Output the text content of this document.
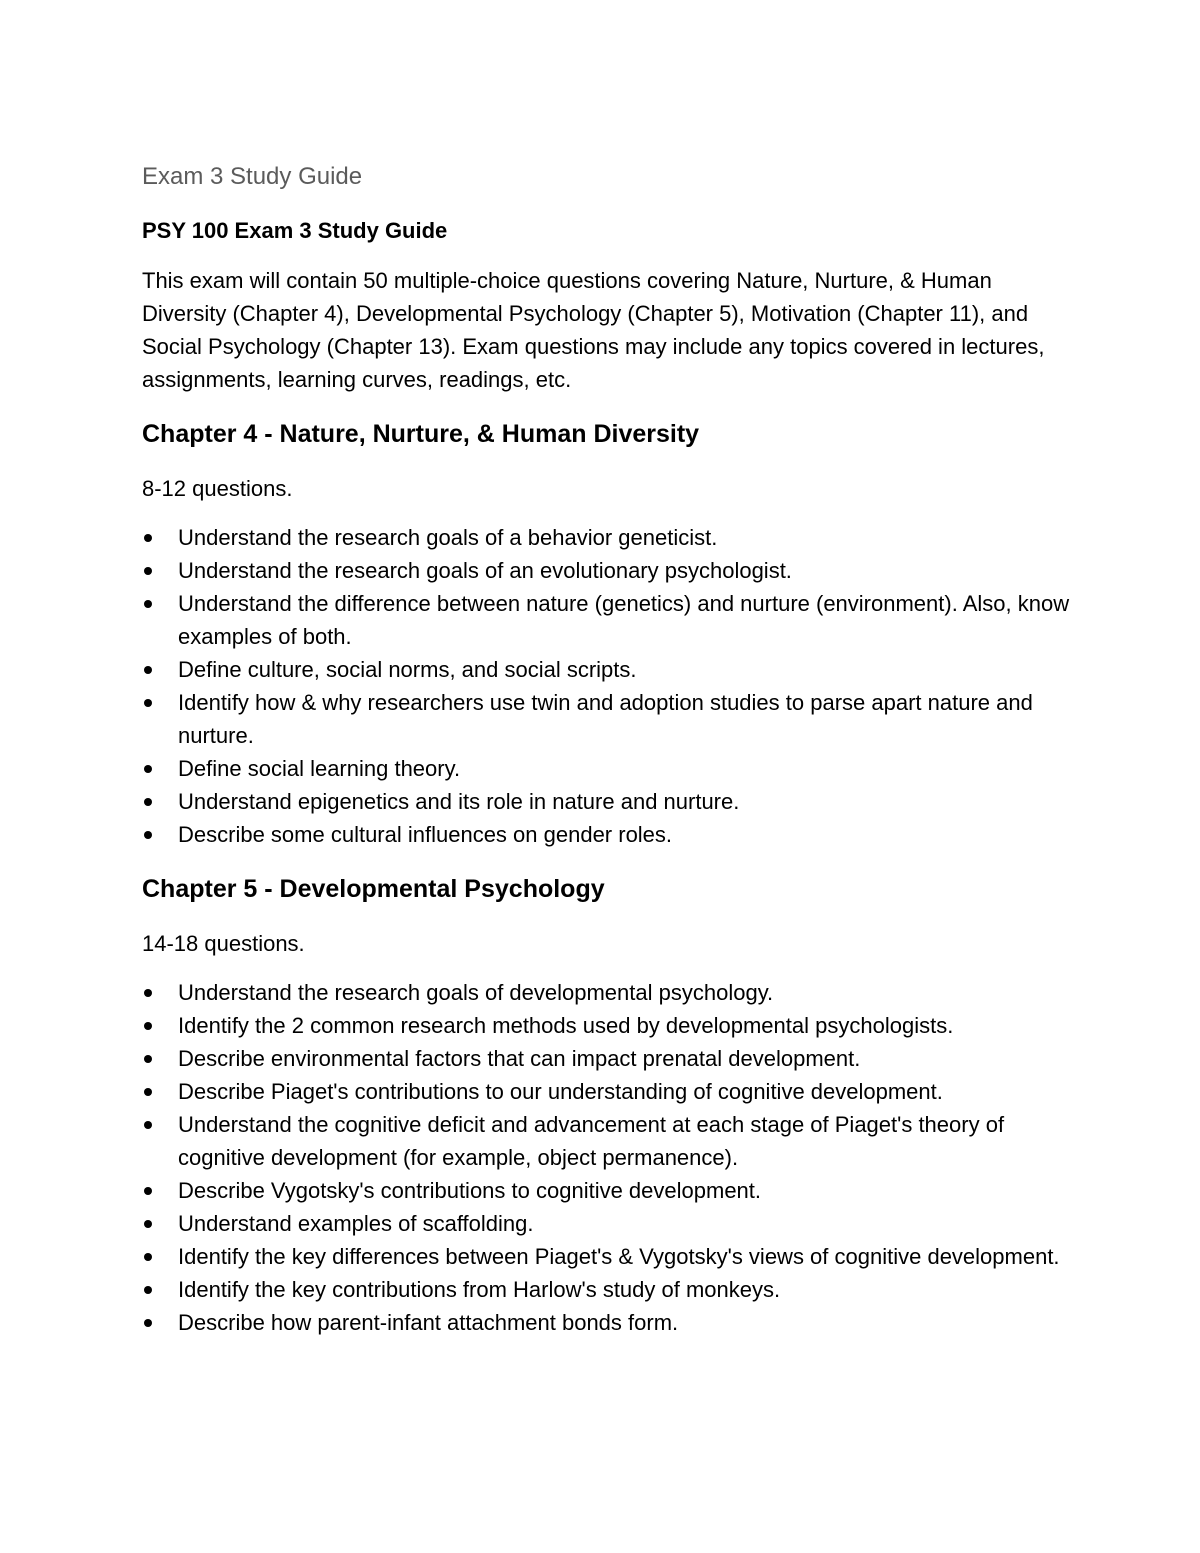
Exam 3 Study Guide

PSY 100 Exam 3 Study Guide

This exam will contain 50 multiple-choice questions covering Nature, Nurture, & Human Diversity (Chapter 4), Developmental Psychology (Chapter 5), Motivation (Chapter 11), and Social Psychology (Chapter 13). Exam questions may include any topics covered in lectures, assignments, learning curves, readings, etc.

Chapter 4 - Nature, Nurture, & Human Diversity

8-12 questions.

Understand the research goals of a behavior geneticist.
Understand the research goals of an evolutionary psychologist.
Understand the difference between nature (genetics) and nurture (environment). Also, know examples of both.
Define culture, social norms, and social scripts.
Identify how & why researchers use twin and adoption studies to parse apart nature and nurture.
Define social learning theory.
Understand epigenetics and its role in nature and nurture.
Describe some cultural influences on gender roles.
Chapter 5 - Developmental Psychology

14-18 questions.

Understand the research goals of developmental psychology.
Identify the 2 common research methods used by developmental psychologists.
Describe environmental factors that can impact prenatal development.
Describe Piaget's contributions to our understanding of cognitive development.
Understand the cognitive deficit and advancement at each stage of Piaget's theory of cognitive development (for example, object permanence).
Describe Vygotsky's contributions to cognitive development.
Understand examples of scaffolding.
Identify the key differences between Piaget's & Vygotsky's views of cognitive development.
Identify the key contributions from Harlow's study of monkeys.
Describe how parent-infant attachment bonds form.
